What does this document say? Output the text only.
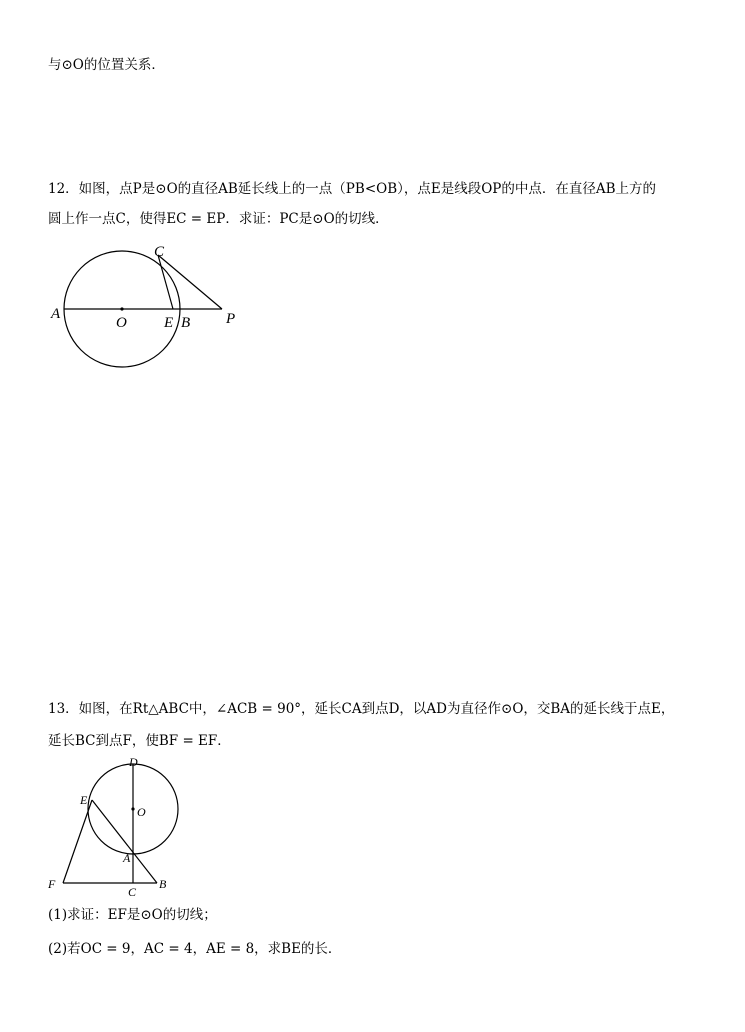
与⊙O的位置关系．
12．如图，点P是⊙O的直径AB延长线上的一点（PB<OB），点E是线段OP的中点．在直径AB上方的
圆上作一点C，使得EC = EP．求证：PC是⊙O的切线．
A
O E B P
C
13．如图，在Rt△ABC中，∠ACB = 90°，延长CA到点D，以AD为直径作⊙O，交BA的延长线于点E，
延长BC到点F，使BF = EF．
D
O
E
A
F
C
B
(1)求证：EF是⊙O的切线；
(2)若OC = 9，AC = 4，AE = 8，求BE的长．
